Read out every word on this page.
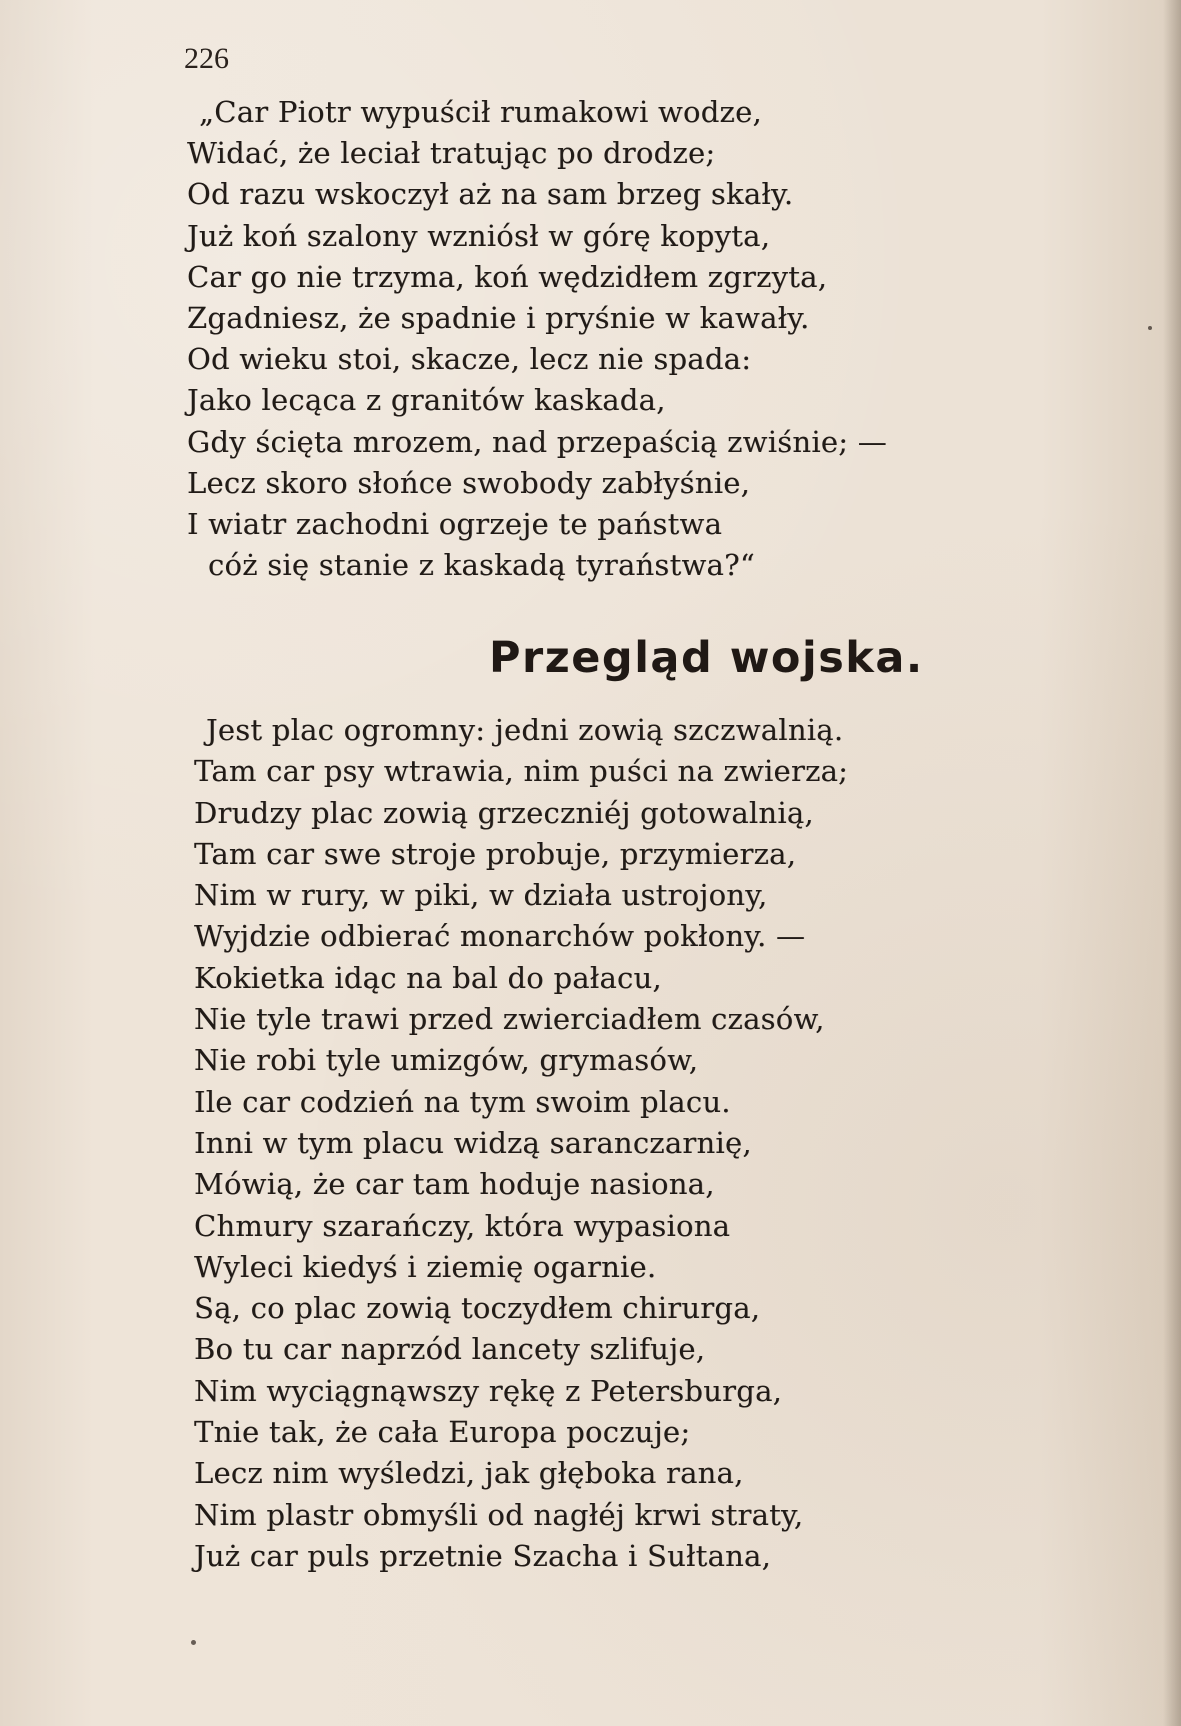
226
„Car Piotr wypuścił rumakowi wodze,
Widać, że leciał tratując po drodze;
Od razu wskoczył aż na sam brzeg skały.
Już koń szalony wzniósł w górę kopyta,
Car go nie trzyma, koń wędzidłem zgrzyta,
Zgadniesz, że spadnie i pryśnie w kawały.
Od wieku stoi, skacze, lecz nie spada:
Jako lecąca z granitów kaskada,
Gdy ścięta mrozem, nad przepaścią zwiśnie; —
Lecz skoro słońce swobody zabłyśnie,
I wiatr zachodni ogrzeje te państwa
cóż się stanie z kaskadą tyraństwa?“
Przegląd wojska.
Jest plac ogromny: jedni zowią szczwalnią.
Tam car psy wtrawia, nim puści na zwierza;
Drudzy plac zowią grzeczniéj gotowalnią,
Tam car swe stroje probuje, przymierza,
Nim w rury, w piki, w działa ustrojony,
Wyjdzie odbierać monarchów pokłony. —
Kokietka idąc na bal do pałacu,
Nie tyle trawi przed zwierciadłem czasów,
Nie robi tyle umizgów, grymasów,
Ile car codzień na tym swoim placu.
Inni w tym placu widzą saranczarnię,
Mówią, że car tam hoduje nasiona,
Chmury szarańczy, która wypasiona
Wyleci kiedyś i ziemię ogarnie.
Są, co plac zowią toczydłem chirurga,
Bo tu car naprzód lancety szlifuje,
Nim wyciągnąwszy rękę z Petersburga,
Tnie tak, że cała Europa poczuje;
Lecz nim wyśledzi, jak głęboka rana,
Nim plastr obmyśli od nagłéj krwi straty,
Już car puls przetnie Szacha i Sułtana,
